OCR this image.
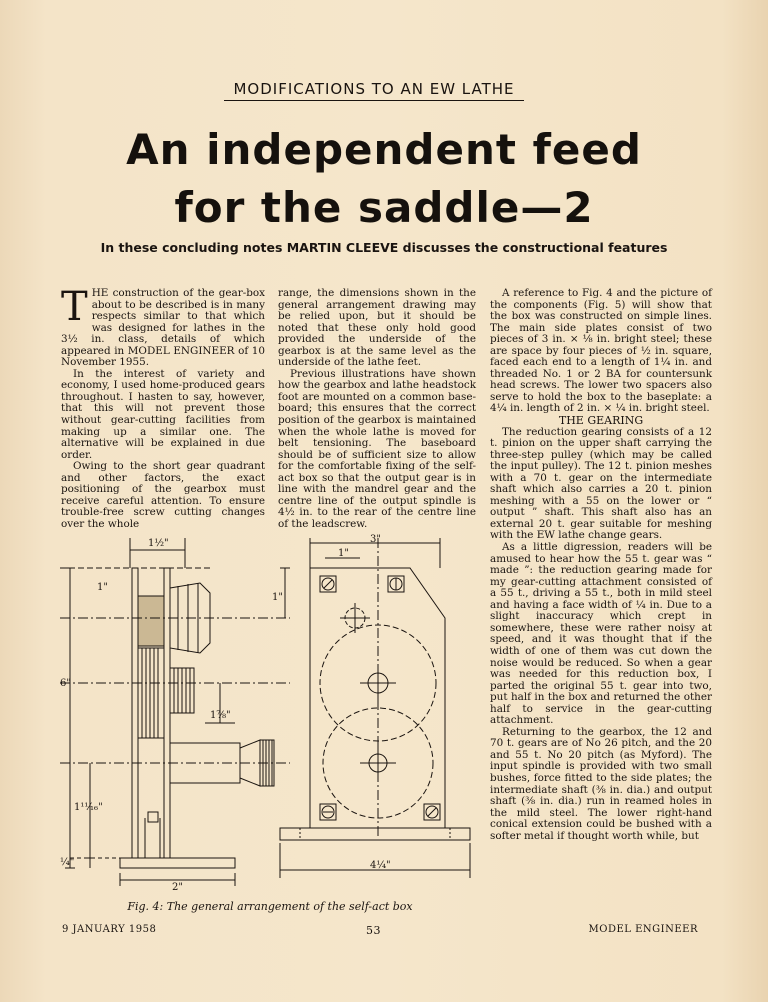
MODIFICATIONS TO AN EW LATHE
An independent feed
for the saddle—2
In these concluding notes MARTIN CLEEVE discusses the constructional features

THE construction of the gear-box about to be described is in many respects similar to that which was designed for lathes in the 3½ in. class, details of which appeared in MODEL ENGINEER of 10 November 1955.

In the interest of variety and economy, I used home-produced gears throughout. I hasten to say, however, that this will not prevent those without gear-cutting facilities from making up a similar one. The alternative will be explained in due order.

Owing to the short gear quadrant and other factors, the exact positioning of the gearbox must receive careful attention. To ensure trouble-free screw cutting changes over the whole

range, the dimensions shown in the general arrangement drawing may be relied upon, but it should be noted that these only hold good provided the underside of the gearbox is at the same level as the underside of the lathe feet.

Previous illustrations have shown how the gearbox and lathe headstock foot are mounted on a common base-board; this ensures that the correct position of the gearbox is maintained when the whole lathe is moved for belt tensioning. The baseboard should be of sufficient size to allow for the comfortable fixing of the self-act box so that the output gear is in line with the mandrel gear and the centre line of the output spindle is 4½ in. to the rear of the centre line of the leadscrew.

A reference to Fig. 4 and the picture of the components (Fig. 5) will show that the box was constructed on simple lines. The main side plates consist of two pieces of 3 in. × ⅛ in. bright steel; these are space by four pieces of ½ in. square, faced each end to a length of 1¼ in. and threaded No. 1 or 2 BA for countersunk head screws. The lower two spacers also serve to hold the box to the baseplate: a 4¼ in. length of 2 in. × ¼ in. bright steel.

THE GEARING

The reduction gearing consists of a 12 t. pinion on the upper shaft carrying the three-step pulley (which may be called the input pulley). The 12 t. pinion meshes with a 70 t. gear on the intermediate shaft which also carries a 20 t. pinion meshing with a 55 on the lower or “ output ” shaft. This shaft also has an external 20 t. gear suitable for meshing with the EW lathe change gears.

As a little digression, readers will be amused to hear how the 55 t. gear was “ made ”: the reduction gearing made for my gear-cutting attachment consisted of a 55 t., driving a 55 t., both in mild steel and having a face width of ¼ in. Due to a slight inaccuracy which crept in somewhere, these were rather noisy at speed, and it was thought that if the width of one of them was cut down the noise would be reduced. So when a gear was needed for this reduction box, I parted the original 55 t. gear into two, put half in the box and returned the other half to service in the gear-cutting attachment.

Returning to the gearbox, the 12 and 70 t. gears are of No 26 pitch, and the 20 and 55 t. No 20 pitch (as Myford). The input spindle is provided with two small bushes, force fitted to the side plates; the intermediate shaft (⅜ in. dia.) and output shaft (⅜ in. dia.) run in reamed holes in the mild steel. The lower right-hand conical extension could be bushed with a softer metal if thought worth while, but

1½"
1"
6"
1⅞"
1¹¹⁄₁₆"
¼"
2"
3"
1"
1"
4¼"
Fig. 4: The general arrangement of the self-act box
9 JANUARY 1958	53	MODEL ENGINEER
